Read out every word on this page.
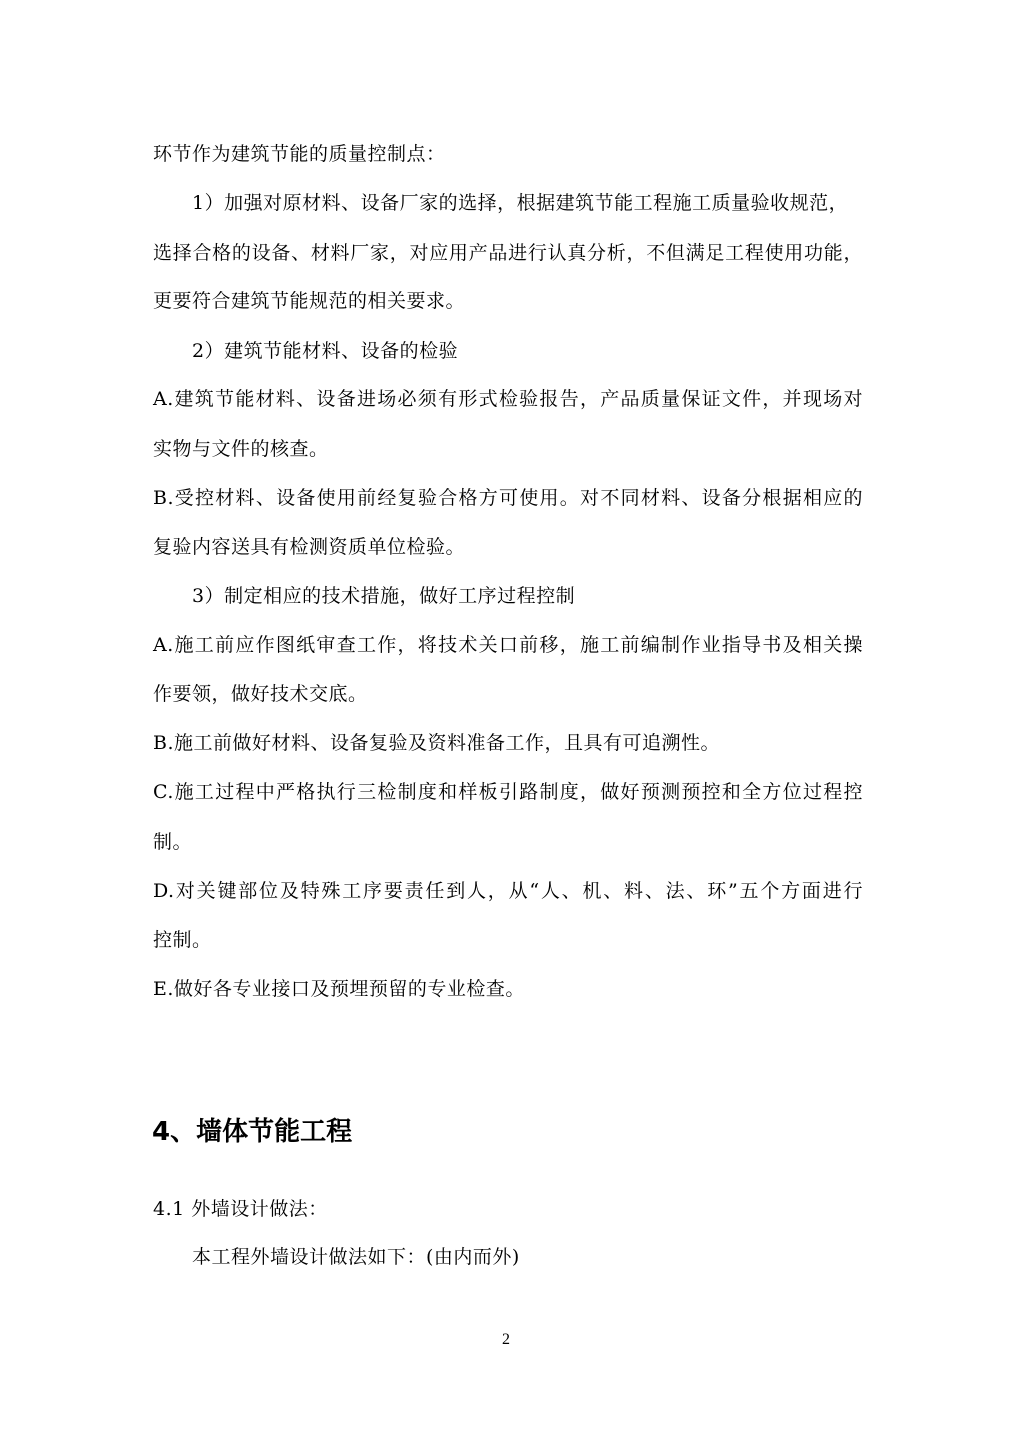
环节作为建筑节能的质量控制点：
1）加强对原材料、设备厂家的选择，根据建筑节能工程施工质量验收规范，
选择合格的设备、材料厂家，对应用产品进行认真分析，不但满足工程使用功能，
更要符合建筑节能规范的相关要求。
2）建筑节能材料、设备的检验
A.建筑节能材料、设备进场必须有形式检验报告，产品质量保证文件，并现场对
实物与文件的核查。
B.受控材料、设备使用前经复验合格方可使用。对不同材料、设备分根据相应的
复验内容送具有检测资质单位检验。
3）制定相应的技术措施，做好工序过程控制
A.施工前应作图纸审查工作，将技术关口前移，施工前编制作业指导书及相关操
作要领，做好技术交底。
B.施工前做好材料、设备复验及资料准备工作，且具有可追溯性。
C.施工过程中严格执行三检制度和样板引路制度，做好预测预控和全方位过程控
制。
D.对关键部位及特殊工序要责任到人，从“人、机、料、法、环”五个方面进行
控制。
E.做好各专业接口及预埋预留的专业检查。
4、墙体节能工程
4.1 外墙设计做法：
本工程外墙设计做法如下：(由内而外)
2
